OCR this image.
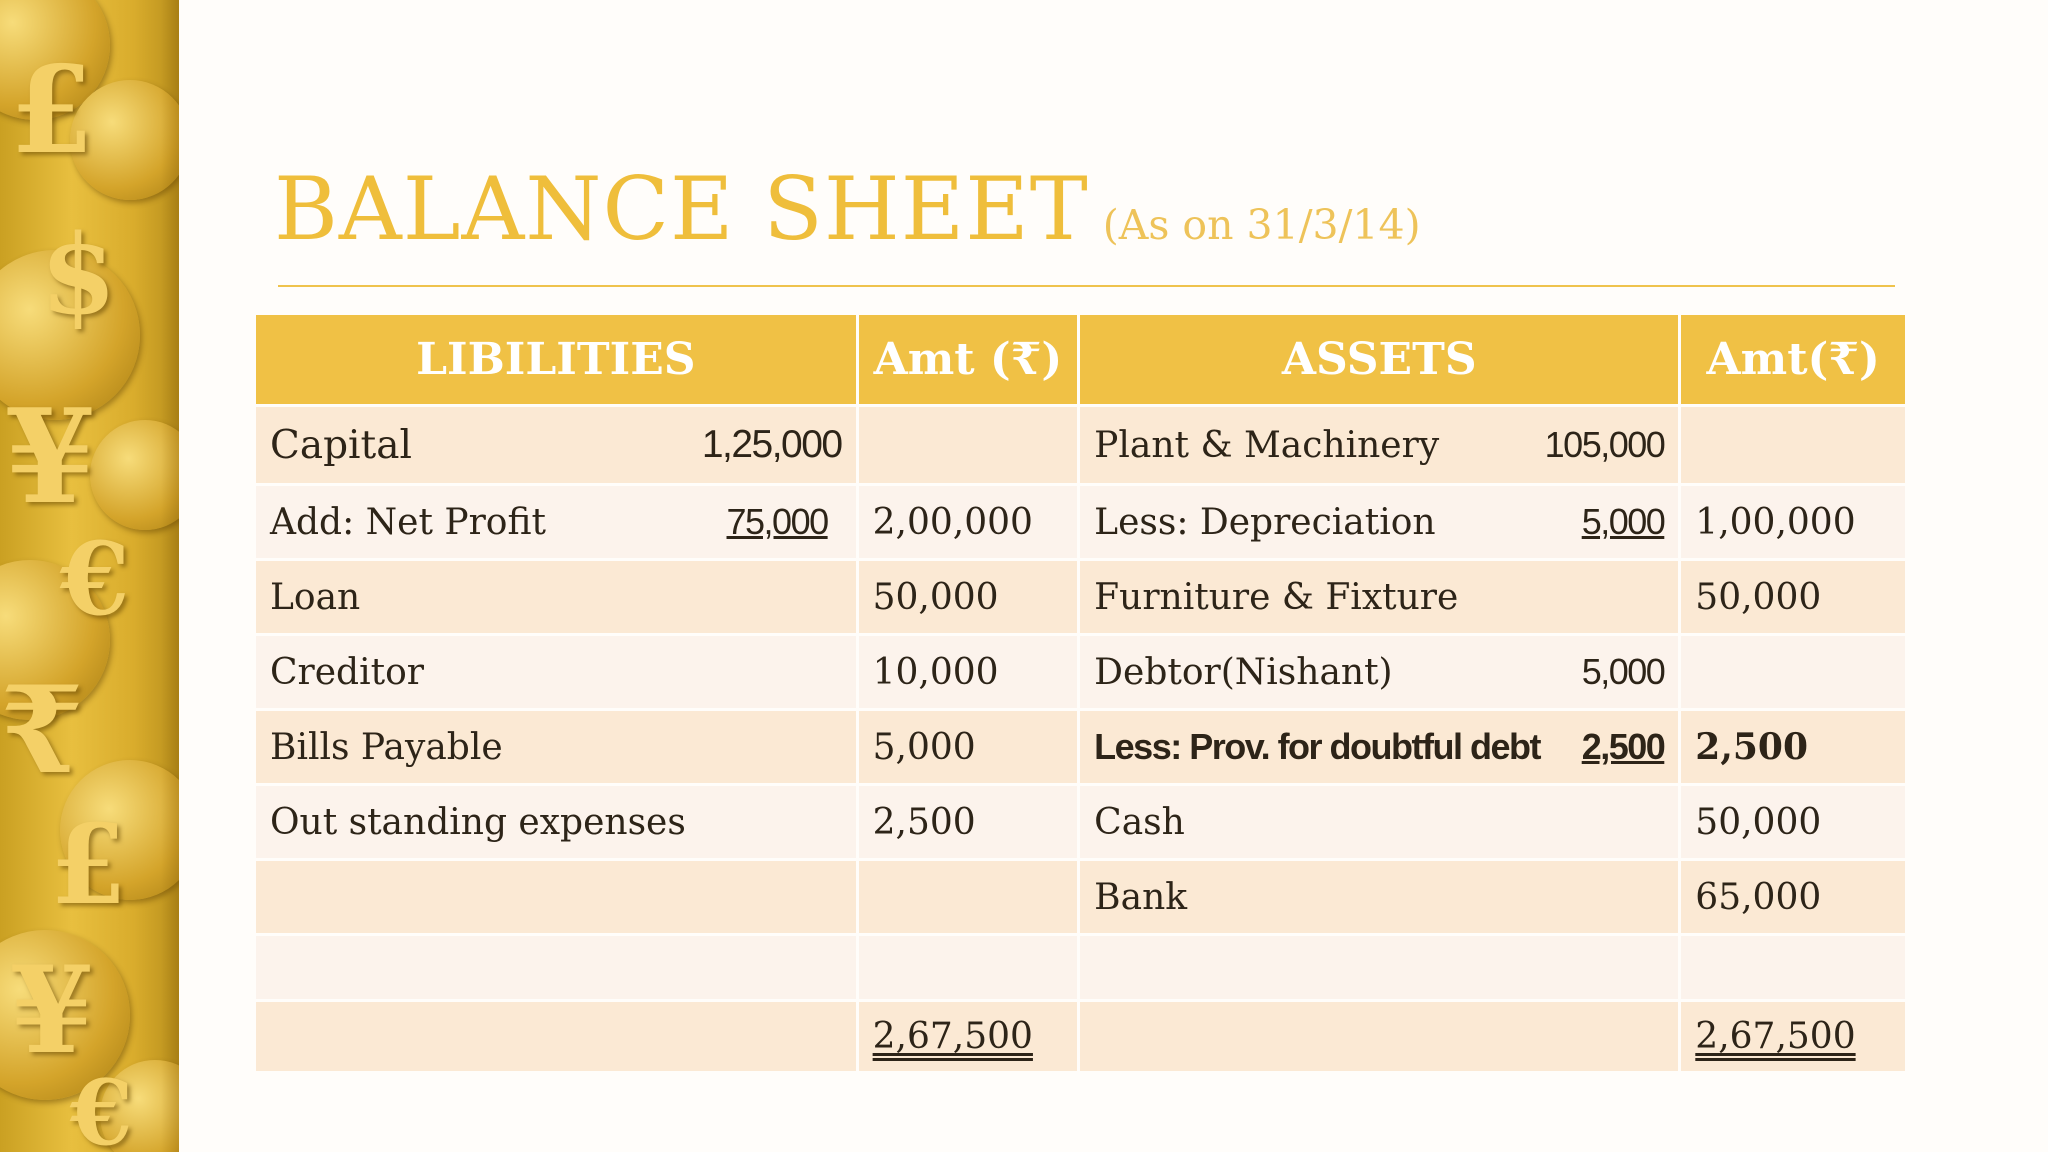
£
$
¥
€
₹
£
¥
€
BALANCE SHEET (As on 31/3/14)
LIBILITIES	Amt (₹)	ASSETS	Amt(₹)

Capital 1,25,000		Plant & Machinery 105,000	

Add: Net Profit 75,000	2,00,000	Less: Depreciation 5,000	1,00,000

Loan	50,000	Furniture & Fixture	50,000

Creditor	10,000	Debtor(Nishant) 5,000	

Bills Payable	5,000	Less: Prov. for doubtful debt 2,500	2,500

Out standing expenses	2,500	Cash	50,000

		Bank	65,000

	2,67,500		2,67,500
